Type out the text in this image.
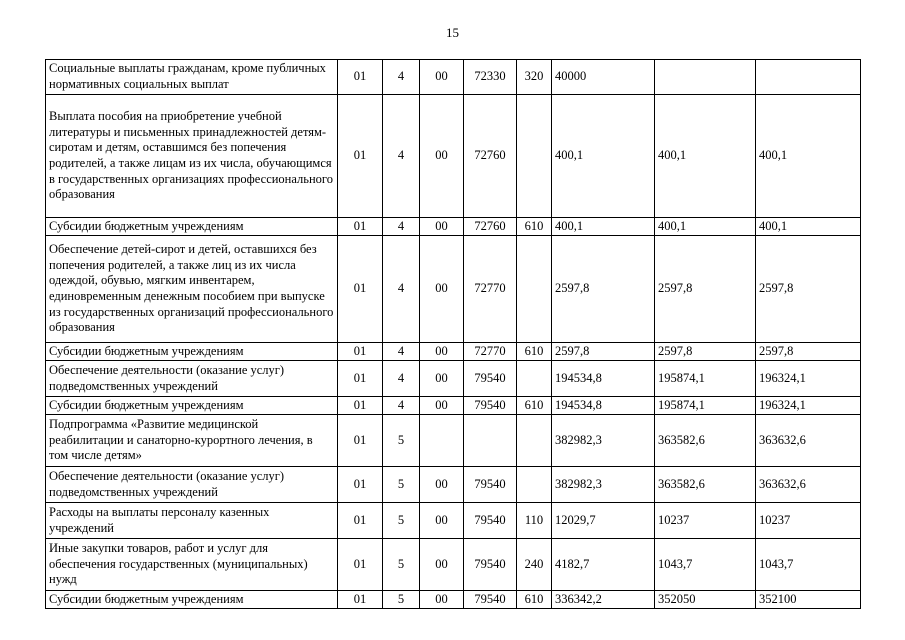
15
Социальные выплаты гражданам, кроме публичных нормативных социальных выплат	01	4	00	72330	320	40000		
Выплата пособия на приобретение учебной литературы и письменных принадлежностей детям-сиротам и детям, оставшимся без попечения родителей, а также лицам из их числа, обучающимся в государственных организациях профессионального образования	01	4	00	72760		400,1	400,1	400,1
Субсидии бюджетным учреждениям	01	4	00	72760	610	400,1	400,1	400,1
Обеспечение детей-сирот и детей, оставшихся без попечения родителей, а также лиц из их числа одеждой, обувью, мягким инвентарем, единовременным денежным пособием при выпуске из государственных организаций профессионального образования	01	4	00	72770		2597,8	2597,8	2597,8
Субсидии бюджетным учреждениям	01	4	00	72770	610	2597,8	2597,8	2597,8
Обеспечение деятельности (оказание услуг) подведомственных учреждений	01	4	00	79540		194534,8	195874,1	196324,1
Субсидии бюджетным учреждениям	01	4	00	79540	610	194534,8	195874,1	196324,1
Подпрограмма «Развитие медицинской реабилитации и санаторно-курортного лечения, в том числе детям»	01	5				382982,3	363582,6	363632,6
Обеспечение деятельности (оказание услуг) подведомственных учреждений	01	5	00	79540		382982,3	363582,6	363632,6
Расходы на выплаты персоналу казенных учреждений	01	5	00	79540	110	12029,7	10237	10237
Иные закупки товаров, работ и услуг для обеспечения государственных (муниципальных) нужд	01	5	00	79540	240	4182,7	1043,7	1043,7
Субсидии бюджетным учреждениям	01	5	00	79540	610	336342,2	352050	352100
